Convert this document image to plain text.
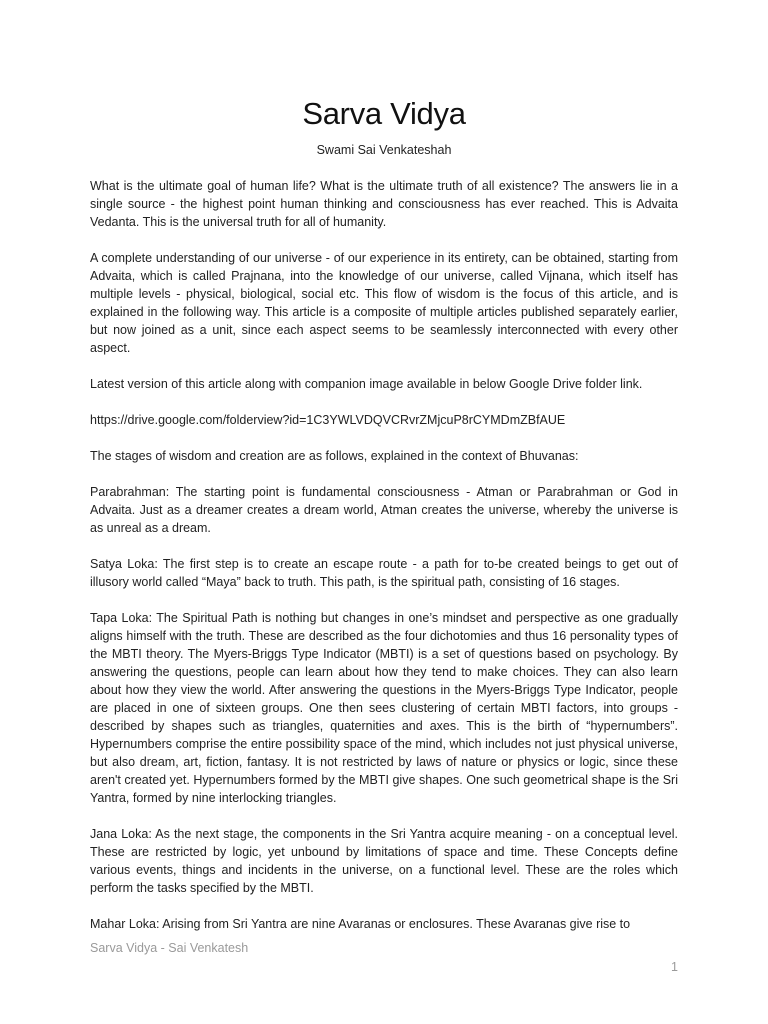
Sarva Vidya

Swami Sai Venkateshah

What is the ultimate goal of human life? What is the ultimate truth of all existence? The answers lie in a single source - the highest point human thinking and consciousness has ever reached. This is Advaita Vedanta. This is the universal truth for all of humanity.

A complete understanding of our universe - of our experience in its entirety, can be obtained, starting from Advaita, which is called Prajnana, into the knowledge of our universe, called Vijnana, which itself has multiple levels - physical, biological, social etc. This flow of wisdom is the focus of this article, and is explained in the following way. This article is a composite of multiple articles published separately earlier, but now joined as a unit, since each aspect seems to be seamlessly interconnected with every other aspect.

Latest version of this article along with companion image available in below Google Drive folder link.

https://drive.google.com/folderview?id=1C3YWLVDQVCRvrZMjcuP8rCYMDmZBfAUE

The stages of wisdom and creation are as follows, explained in the context of Bhuvanas:

Parabrahman: The starting point is fundamental consciousness - Atman or Parabrahman or God in Advaita. Just as a dreamer creates a dream world, Atman creates the universe, whereby the universe is as unreal as a dream.

Satya Loka: The first step is to create an escape route - a path for to-be created beings to get out of illusory world called “Maya” back to truth. This path, is the spiritual path, consisting of 16 stages.

Tapa Loka: The Spiritual Path is nothing but changes in one’s mindset and perspective as one gradually aligns himself with the truth. These are described as the four dichotomies and thus 16 personality types of the MBTI theory. The Myers-Briggs Type Indicator (MBTI) is a set of questions based on psychology. By answering the questions, people can learn about how they tend to make choices. They can also learn about how they view the world. After answering the questions in the Myers-Briggs Type Indicator, people are placed in one of sixteen groups. One then sees clustering of certain MBTI factors, into groups - described by shapes such as triangles, quaternities and axes. This is the birth of “hypernumbers”. Hypernumbers comprise the entire possibility space of the mind, which includes not just physical universe, but also dream, art, fiction, fantasy. It is not restricted by laws of nature or physics or logic, since these aren't created yet. Hypernumbers formed by the MBTI give shapes. One such geometrical shape is the Sri Yantra, formed by nine interlocking triangles.

Jana Loka: As the next stage, the components in the Sri Yantra acquire meaning - on a conceptual level. These are restricted by logic, yet unbound by limitations of space and time. These Concepts define various events, things and incidents in the universe, on a functional level. These are the roles which perform the tasks specified by the MBTI.

Mahar Loka: Arising from Sri Yantra are nine Avaranas or enclosures. These Avaranas give rise to

Sarva Vidya - Sai Venkatesh

1
